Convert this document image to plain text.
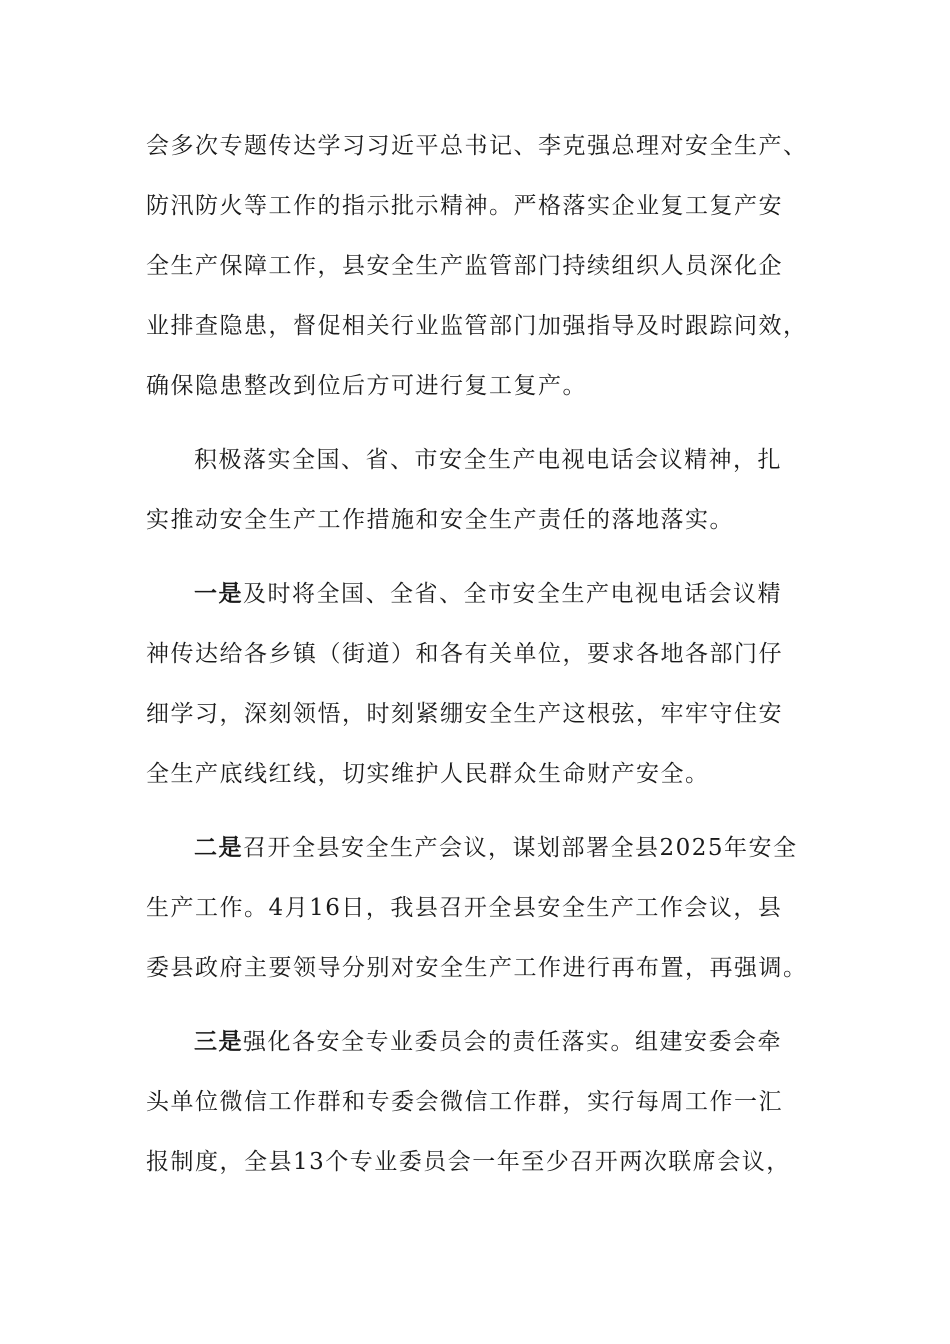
会多次专题传达学习习近平总书记、李克强总理对安全生产、
防汛防火等工作的指示批示精神。严格落实企业复工复产安
全生产保障工作，县安全生产监管部门持续组织人员深化企
业排查隐患，督促相关行业监管部门加强指导及时跟踪问效，
确保隐患整改到位后方可进行复工复产。
积极落实全国、省、市安全生产电视电话会议精神，扎
实推动安全生产工作措施和安全生产责任的落地落实。
一是及时将全国、全省、全市安全生产电视电话会议精
神传达给各乡镇（街道）和各有关单位，要求各地各部门仔
细学习，深刻领悟，时刻紧绷安全生产这根弦，牢牢守住安
全生产底线红线，切实维护人民群众生命财产安全。
二是召开全县安全生产会议，谋划部署全县2025年安全
生产工作。4月16日，我县召开全县安全生产工作会议，县
委县政府主要领导分别对安全生产工作进行再布置，再强调。
三是强化各安全专业委员会的责任落实。组建安委会牵
头单位微信工作群和专委会微信工作群，实行每周工作一汇
报制度，全县13个专业委员会一年至少召开两次联席会议，
